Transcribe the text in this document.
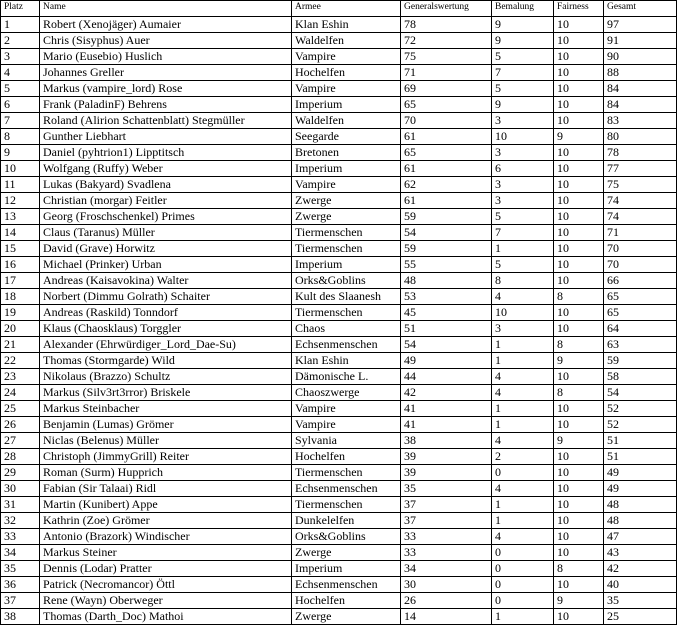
Platz	Name	Armee	Generalswertung	Bemalung	Fairness	Gesamt
1	Robert (Xenojäger) Aumaier	Klan Eshin	78	9	10	97
2	Chris (Sisyphus) Auer	Waldelfen	72	9	10	91
3	Mario (Eusebio) Huslich	Vampire	75	5	10	90
4	Johannes Greller	Hochelfen	71	7	10	88
5	Markus (vampire_lord) Rose	Vampire	69	5	10	84
6	Frank (PaladinF) Behrens	Imperium	65	9	10	84
7	Roland (Alirion Schattenblatt) Stegmüller	Waldelfen	70	3	10	83
8	Gunther Liebhart	Seegarde	61	10	9	80
9	Daniel (pyhtrion1) Lipptitsch	Bretonen	65	3	10	78
10	Wolfgang (Ruffy) Weber	Imperium	61	6	10	77
11	Lukas (Bakyard) Svadlena	Vampire	62	3	10	75
12	Christian (morgar) Feitler	Zwerge	61	3	10	74
13	Georg (Froschschenkel) Primes	Zwerge	59	5	10	74
14	Claus (Taranus) Müller	Tiermenschen	54	7	10	71
15	David (Grave) Horwitz	Tiermenschen	59	1	10	70
16	Michael (Prinker) Urban	Imperium	55	5	10	70
17	Andreas (Kaisavokina) Walter	Orks&Goblins	48	8	10	66
18	Norbert (Dimmu Golrath) Schaiter	Kult des Slaanesh	53	4	8	65
19	Andreas (Raskild) Tonndorf	Tiermenschen	45	10	10	65
20	Klaus (Chaosklaus) Torggler	Chaos	51	3	10	64
21	Alexander (Ehrwürdiger_Lord_Dae-Su)	Echsenmenschen	54	1	8	63
22	Thomas (Stormgarde) Wild	Klan Eshin	49	1	9	59
23	Nikolaus (Brazzo) Schultz	Dämonische L.	44	4	10	58
24	Markus (Silv3rt3rror) Briskele	Chaoszwerge	42	4	8	54
25	Markus Steinbacher	Vampire	41	1	10	52
26	Benjamin (Lumas) Grömer	Vampire	41	1	10	52
27	Niclas (Belenus) Müller	Sylvania	38	4	9	51
28	Christoph (JimmyGrill) Reiter	Hochelfen	39	2	10	51
29	Roman (Surm) Hupprich	Tiermenschen	39	0	10	49
30	Fabian (Sir Talaai) Ridl	Echsenmenschen	35	4	10	49
31	Martin (Kunibert) Appe	Tiermenschen	37	1	10	48
32	Kathrin (Zoe) Grömer	Dunkelelfen	37	1	10	48
33	Antonio (Brazork) Windischer	Orks&Goblins	33	4	10	47
34	Markus Steiner	Zwerge	33	0	10	43
35	Dennis (Lodar) Pratter	Imperium	34	0	8	42
36	Patrick (Necromancor) Öttl	Echsenmenschen	30	0	10	40
37	Rene (Wayn) Oberweger	Hochelfen	26	0	9	35
38	Thomas (Darth_Doc) Mathoi	Zwerge	14	1	10	25
